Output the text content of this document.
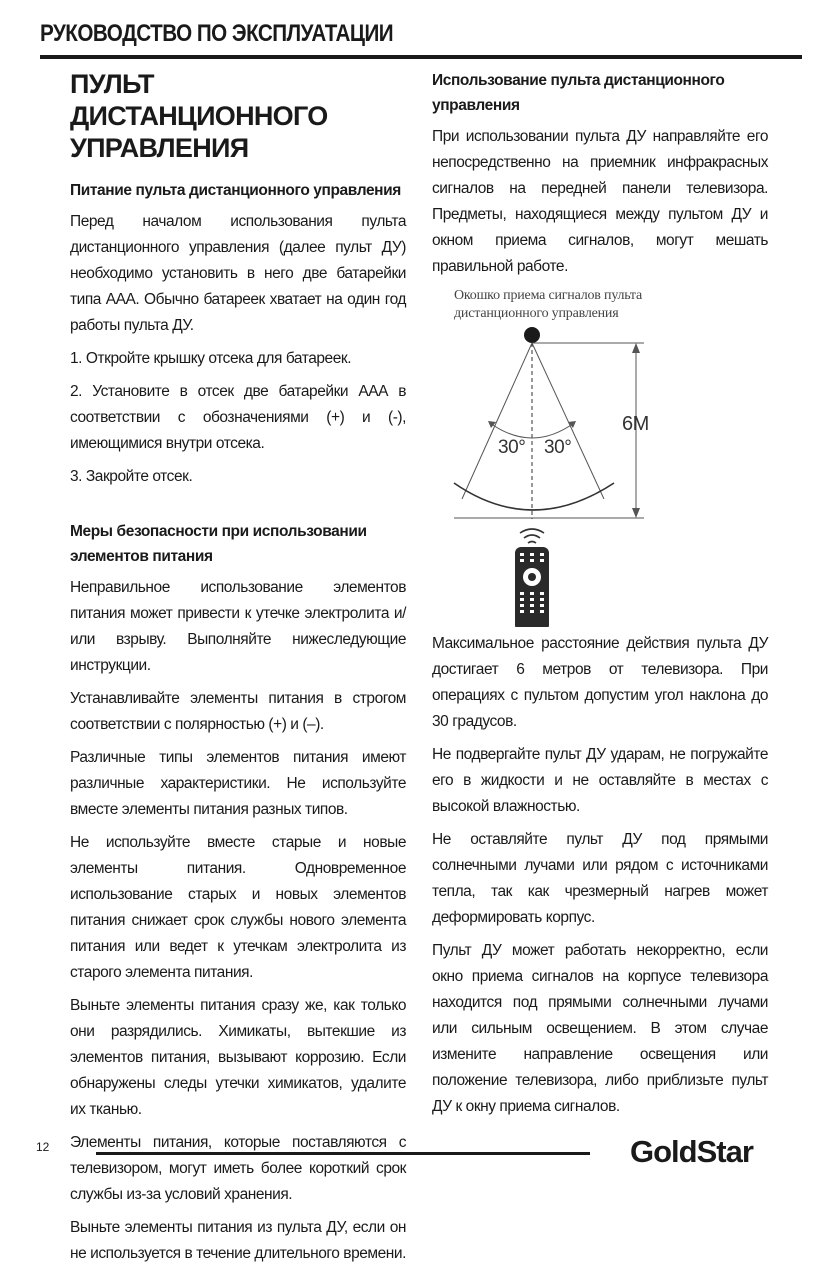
РУКОВОДСТВО ПО ЭКСПЛУАТАЦИИ
ПУЛЬТ ДИСТАНЦИОННОГО УПРАВЛЕНИЯ
Питание пульта дистанционного управления

Перед началом использования пульта дистанционного управления (далее пульт ДУ) необходимо установить в него две батарейки типа ААА. Обычно батареек хватает на один год работы пульта ДУ.

1. Откройте крышку отсека для батареек.

2. Установите в отсек две батарейки ААА в соответствии с обозначениями (+) и (-), имеющимися внутри отсека.

3. Закройте отсек.

Меры безопасности при использовании элементов питания

Неправильное использование элементов питания может привести к утечке электролита и/или взрыву. Выполняйте нижеследующие инструкции.

Устанавливайте элементы питания в строгом соответствии с полярностью (+) и (–).

Различные типы элементов питания имеют различные характеристики. Не используйте вместе элементы питания разных типов.

Не используйте вместе старые и новые элементы питания. Одновременное использование старых и новых элементов питания снижает срок службы нового элемента питания или ведет к утечкам электролита из старого элемента питания.

Выньте элементы питания сразу же, как только они разрядились. Химикаты, вытекшие из элементов питания, вызывают коррозию. Если обнаружены следы утечки химикатов, удалите их тканью.

Элементы питания, которые поставляются с телевизором, могут иметь более короткий срок службы из-за условий хранения.

Выньте элементы питания из пульта ДУ, если он не используется в течение длительного времени.

Использование пульта дистанционного управления

При использовании пульта ДУ направляйте его непосредственно на приемник инфракрасных сигналов на передней панели телевизора. Предметы, находящиеся между пультом ДУ и окном приема сигналов, могут мешать правильной работе.

Окошко приема сигналов пульта
дистанционного управления
6M
30° 30°

Максимальное расстояние действия пульта ДУ достигает 6 метров от телевизора. При операциях с пультом допустим угол наклона до 30 градусов.

Не подвергайте пульт ДУ ударам, не погружайте его в жидкости и не оставляйте в местах с высокой влажностью.

Не оставляйте пульт ДУ под прямыми солнечными лучами или рядом с источниками тепла, так как чрезмерный нагрев может деформировать корпус.

Пульт ДУ может работать некорректно, если окно приема сигналов на корпусе телевизора находится под прямыми солнечными лучами или сильным освещением. В этом случае измените направление освещения или положение телевизора, либо приблизьте пульт ДУ к окну приема сигналов.

12	GoldStar
